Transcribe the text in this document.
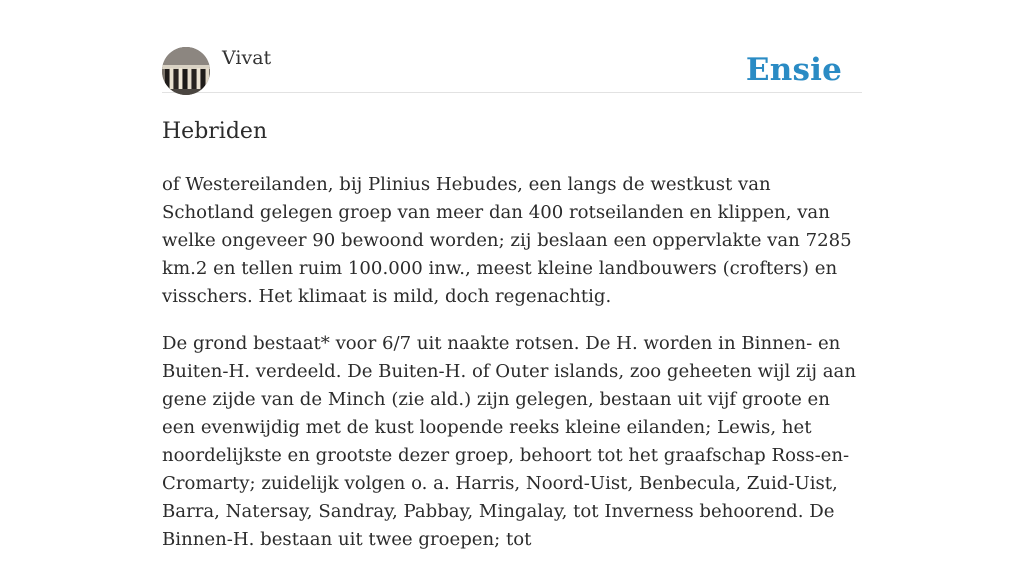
Vivat	Ensie
Hebriden

of Westereilanden, bij Plinius Hebudes, een langs de westkust van Schotland gelegen groep van meer dan 400 rotseilanden en klippen, van welke ongeveer 90 bewoond worden; zij beslaan een oppervlakte van 7285 km.2 en tellen ruim 100.000 inw., meest kleine landbouwers (crofters) en visschers. Het klimaat is mild, doch regenachtig.

De grond bestaat* voor 6/7 uit naakte rotsen. De H. worden in Binnen- en Buiten-H. verdeeld. De Buiten-H. of Outer islands, zoo geheeten wijl zij aan gene zijde van de Minch (zie ald.) zijn gelegen, bestaan uit vijf groote en een evenwijdig met de kust loopende reeks kleine eilanden; Lewis, het noordelijkste en grootste dezer groep, behoort tot het graafschap Ross-en-Cromarty; zuidelijk volgen o. a. Harris, Noord-Uist, Benbecula, Zuid-Uist, Barra, Natersay, Sandray, Pabbay, Mingalay, tot Inverness behoorend. De Binnen-H. bestaan uit twee groepen; tot
